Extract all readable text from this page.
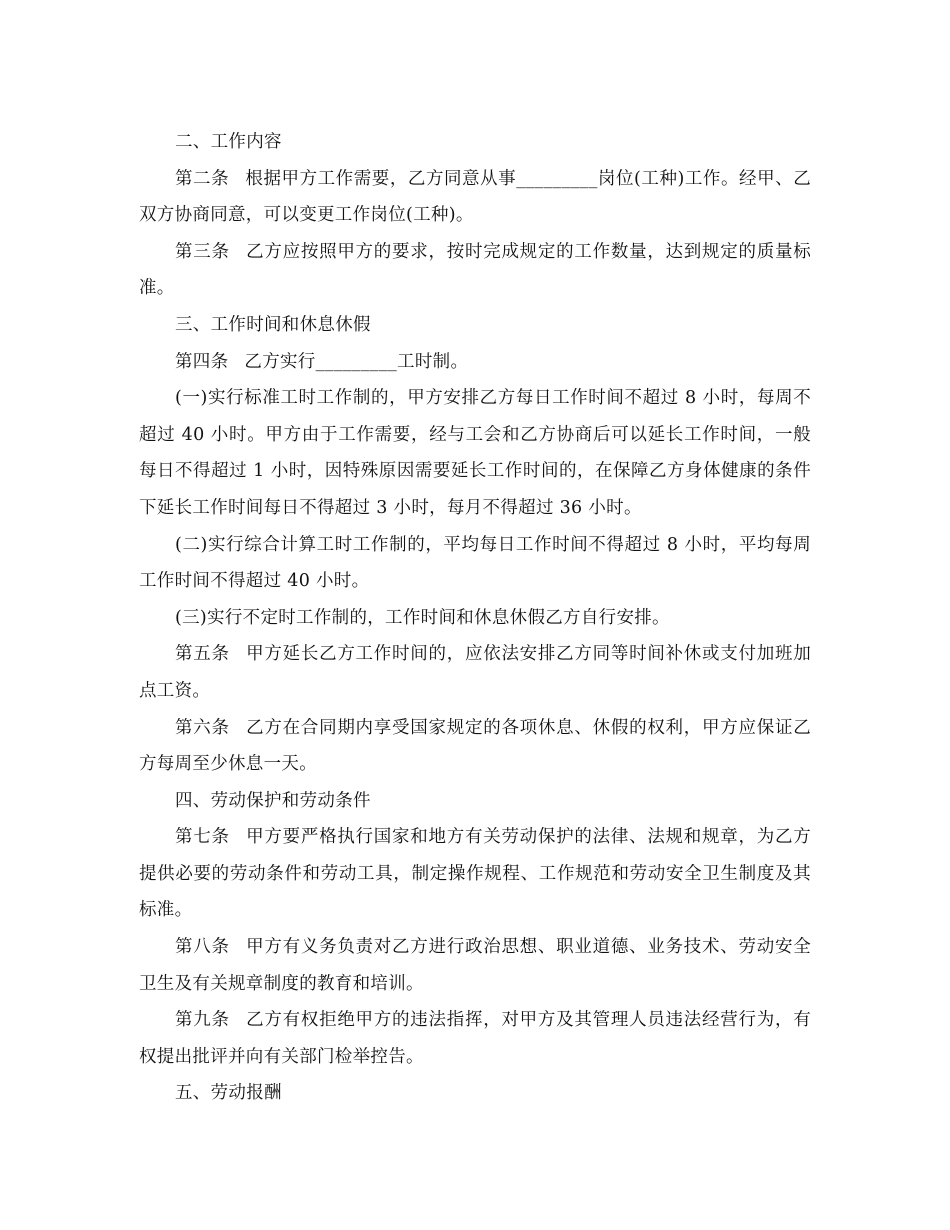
二、工作内容

第二条 根据甲方工作需要，乙方同意从事_________岗位(工种)工作。经甲、乙双方协商同意，可以变更工作岗位(工种)。

第三条 乙方应按照甲方的要求，按时完成规定的工作数量，达到规定的质量标准。

三、工作时间和休息休假

第四条 乙方实行_________工时制。

(一)实行标准工时工作制的，甲方安排乙方每日工作时间不超过 8 小时，每周不超过 40 小时。甲方由于工作需要，经与工会和乙方协商后可以延长工作时间，一般每日不得超过 1 小时，因特殊原因需要延长工作时间的，在保障乙方身体健康的条件下延长工作时间每日不得超过 3 小时，每月不得超过 36 小时。

(二)实行综合计算工时工作制的，平均每日工作时间不得超过 8 小时，平均每周工作时间不得超过 40 小时。

(三)实行不定时工作制的，工作时间和休息休假乙方自行安排。

第五条 甲方延长乙方工作时间的，应依法安排乙方同等时间补休或支付加班加点工资。

第六条 乙方在合同期内享受国家规定的各项休息、休假的权利，甲方应保证乙方每周至少休息一天。

四、劳动保护和劳动条件

第七条 甲方要严格执行国家和地方有关劳动保护的法律、法规和规章，为乙方提供必要的劳动条件和劳动工具，制定操作规程、工作规范和劳动安全卫生制度及其标准。

第八条 甲方有义务负责对乙方进行政治思想、职业道德、业务技术、劳动安全卫生及有关规章制度的教育和培训。

第九条 乙方有权拒绝甲方的违法指挥，对甲方及其管理人员违法经营行为，有权提出批评并向有关部门检举控告。

五、劳动报酬
